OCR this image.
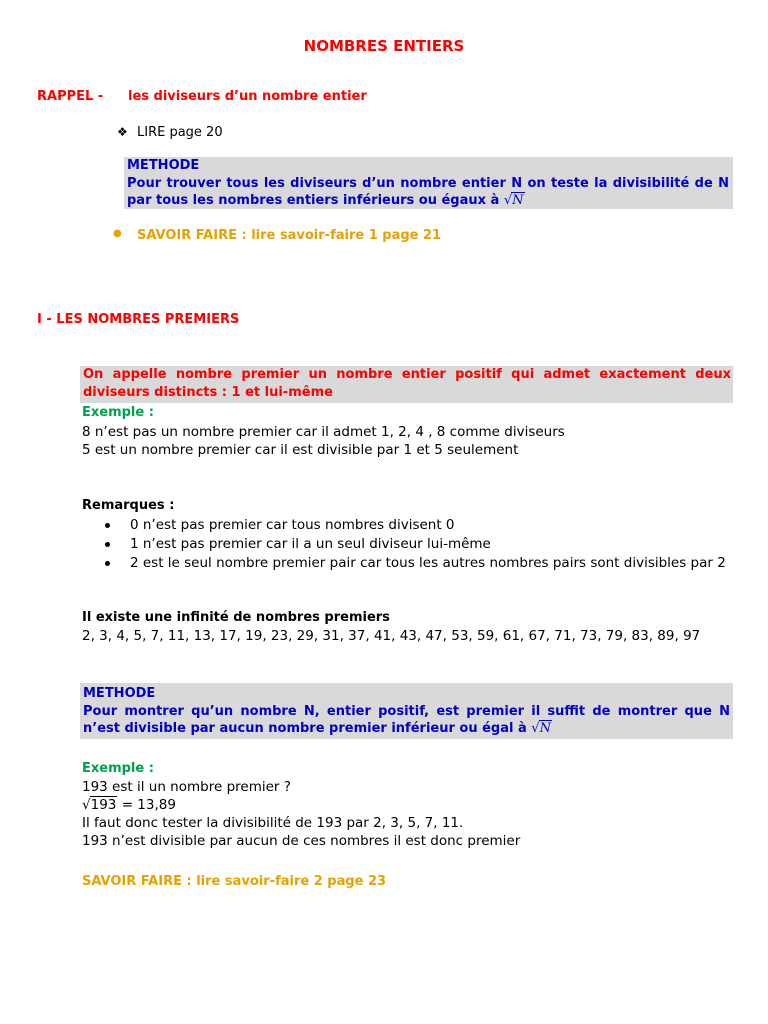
NOMBRES ENTIERS
RAPPEL - les diviseurs d’un nombre entier
❖ LIRE page 20
METHODE
Pour trouver tous les diviseurs d’un nombre entier N on teste la divisibilité de N par tous les nombres entiers inférieurs ou égaux à √N
● SAVOIR FAIRE : lire savoir-faire 1 page 21
I - LES NOMBRES PREMIERS
On appelle nombre premier un nombre entier positif qui admet exactement deux diviseurs distincts : 1 et lui-même
Exemple :
8 n’est pas un nombre premier car il admet 1, 2, 4 , 8 comme diviseurs
5 est un nombre premier car il est divisible par 1 et 5 seulement
Remarques :
0 n’est pas premier car tous nombres divisent 0
1 n’est pas premier car il a un seul diviseur lui-même
2 est le seul nombre premier pair car tous les autres nombres pairs sont divisibles par 2
Il existe une infinité de nombres premiers
2, 3, 4, 5, 7, 11, 13, 17, 19, 23, 29, 31, 37, 41, 43, 47, 53, 59, 61, 67, 71, 73, 79, 83, 89, 97
METHODE
Pour montrer qu’un nombre N, entier positif, est premier il suffit de montrer que N n’est divisible par aucun nombre premier inférieur ou égal à √N
Exemple :
193 est il un nombre premier ?
√193 = 13,89
Il faut donc tester la divisibilité de 193 par 2, 3, 5, 7, 11.
193 n’est divisible par aucun de ces nombres il est donc premier
SAVOIR FAIRE : lire savoir-faire 2 page 23
